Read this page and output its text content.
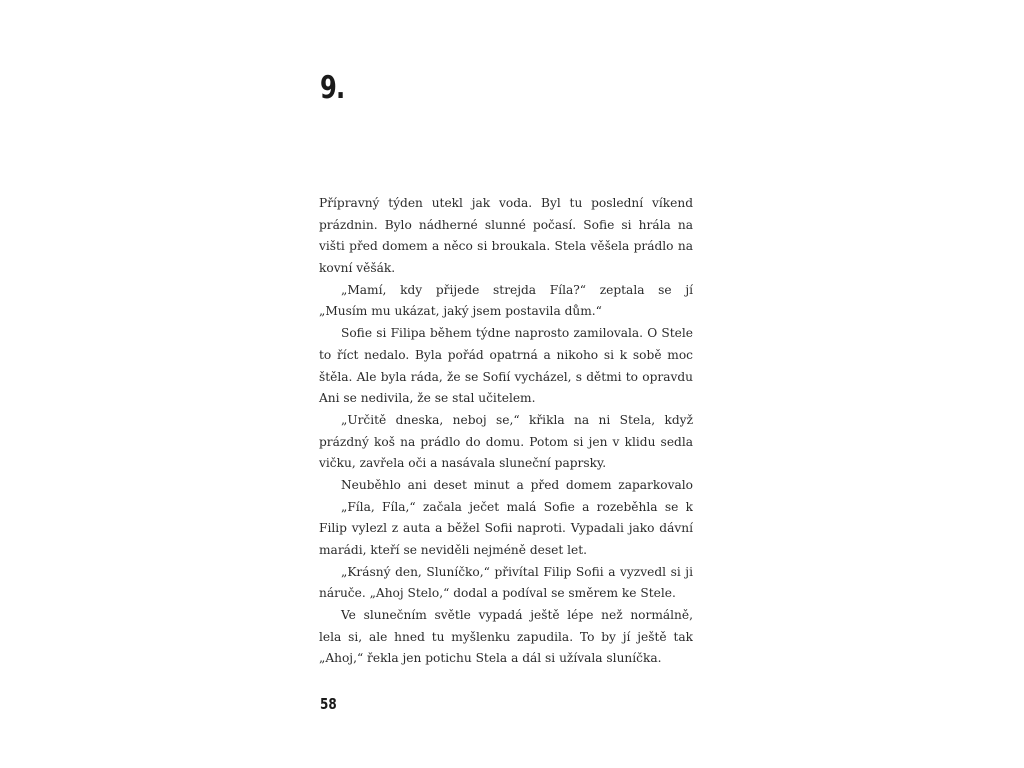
9.
Přípravný týden utekl jak voda. Byl tu poslední víkend
prázdnin. Bylo nádherné slunné počasí. Sofie si hrála na
višti před domem a něco si broukala. Stela věšela prádlo na
kovní věšák.
„Mamí, kdy přijede strejda Fíla?“ zeptala se jí
„Musím mu ukázat, jaký jsem postavila dům.“
Sofie si Filipa během týdne naprosto zamilovala. O Stele
to říct nedalo. Byla pořád opatrná a nikoho si k sobě moc
štěla. Ale byla ráda, že se Sofií vycházel, s dětmi to opravdu
Ani se nedivila, že se stal učitelem.
„Určitě dneska, neboj se,“ křikla na ni Stela, když
prázdný koš na prádlo do domu. Potom si jen v klidu sedla
vičku, zavřela oči a nasávala sluneční paprsky.
Neuběhlo ani deset minut a před domem zaparkovalo
„Fíla, Fíla,“ začala ječet malá Sofie a rozeběhla se k
Filip vylezl z auta a běžel Sofii naproti. Vypadali jako dávní
marádi, kteří se neviděli nejméně deset let.
„Krásný den, Sluníčko,“ přivítal Filip Sofii a vyzvedl si ji
náruče. „Ahoj Stelo,“ dodal a podíval se směrem ke Stele.
Ve slunečním světle vypadá ještě lépe než normálně,
lela si, ale hned tu myšlenku zapudila. To by jí ještě tak
„Ahoj,“ řekla jen potichu Stela a dál si užívala sluníčka.
58
